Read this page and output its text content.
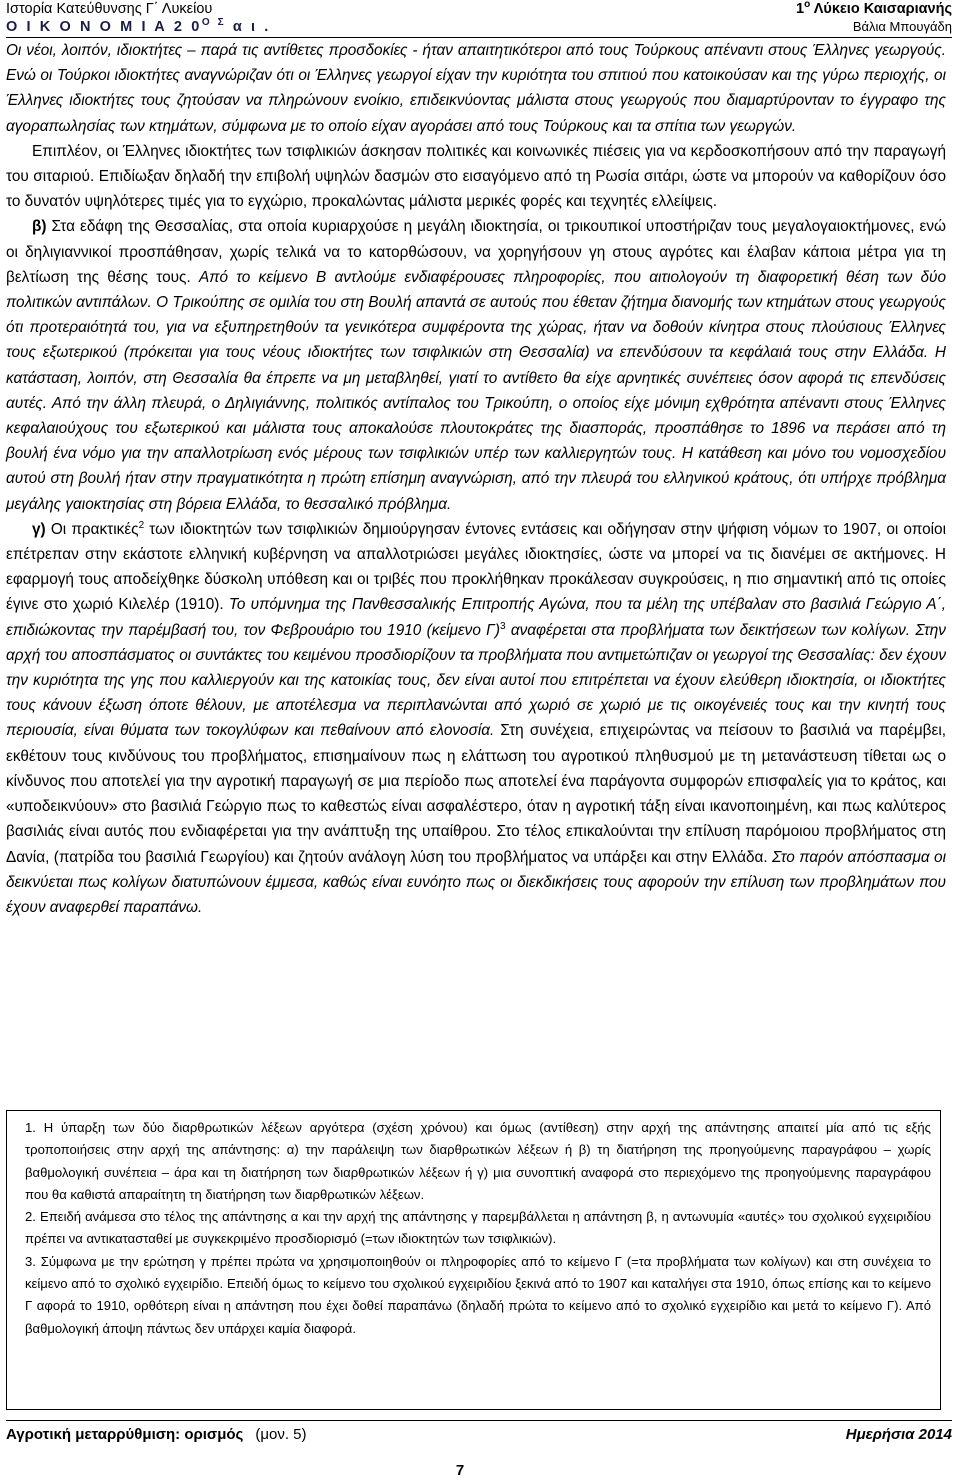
Ιστορία Κατεύθυνσης Γ΄ Λυκείου	$1^o$ Λύκειο Καισαριανής
Ο Ι Κ Ο Ν Ο Μ Ι Α 2 $0^{O \Sigma}$ α ι .	Βάλια Μπουγάδη

Οι νέοι, λοιπόν, ιδιοκτήτες – παρά τις αντίθετες προσδοκίες - ήταν απαιτητικότεροι από τους Τούρκους απέναντι στους Έλληνες γεωργούς. Ενώ οι Τούρκοι ιδιοκτήτες αναγνώριζαν ότι οι Έλληνες γεωργοί είχαν την κυριότητα του σπιτιού που κατοικούσαν και της γύρω περιοχής, οι Έλληνες ιδιοκτήτες τους ζητούσαν να πληρώνουν ενοίκιο, επιδεικνύοντας μάλιστα στους γεωργούς που διαμαρτύρονταν το έγγραφο της αγοραπωλησίας των κτημάτων, σύμφωνα με το οποίο είχαν αγοράσει από τους Τούρκους και τα σπίτια των γεωργών.

Επιπλέον, οι Έλληνες ιδιοκτήτες των τσιφλικιών άσκησαν πολιτικές και κοινωνικές πιέσεις για να κερδοσκοπήσουν από την παραγωγή του σιταριού. Επιδίωξαν δηλαδή την επιβολή υψηλών δασμών στο εισαγόμενο από τη Ρωσία σιτάρι, ώστε να μπορούν να καθορίζουν όσο το δυνατόν υψηλότερες τιμές για το εγχώριο, προκαλώντας μάλιστα μερικές φορές και τεχνητές ελλείψεις.

β) Στα εδάφη της Θεσσαλίας, στα οποία κυριαρχούσε η μεγάλη ιδιοκτησία, οι τρικουπικοί υποστήριζαν τους μεγαλογαιοκτήμονες, ενώ οι δηλιγιαννικοί προσπάθησαν, χωρίς τελικά να το κατορθώσουν, να χορηγήσουν γη στους αγρότες και έλαβαν κάποια μέτρα για τη βελτίωση της θέσης τους. Από το κείμενο Β αντλούμε ενδιαφέρουσες πληροφορίες, που αιτιολογούν τη διαφορετική θέση των δύο πολιτικών αντιπάλων. Ο Τρικούπης σε ομιλία του στη Βουλή απαντά σε αυτούς που έθεταν ζήτημα διανομής των κτημάτων στους γεωργούς ότι προτεραιότητά του, για να εξυπηρετηθούν τα γενικότερα συμφέροντα της χώρας, ήταν να δοθούν κίνητρα στους πλούσιους Έλληνες τους εξωτερικού (πρόκειται για τους νέους ιδιοκτήτες των τσιφλικιών στη Θεσσαλία) να επενδύσουν τα κεφάλαιά τους στην Ελλάδα. Η κατάσταση, λοιπόν, στη Θεσσαλία θα έπρεπε να μη μεταβληθεί, γιατί το αντίθετο θα είχε αρνητικές συνέπειες όσον αφορά τις επενδύσεις αυτές. Από την άλλη πλευρά, ο Δηλιγιάννης, πολιτικός αντίπαλος του Τρικούπη, ο οποίος είχε μόνιμη εχθρότητα απέναντι στους Έλληνες κεφαλαιούχους του εξωτερικού και μάλιστα τους αποκαλούσε πλουτοκράτες της διασποράς, προσπάθησε το 1896 να περάσει από τη βουλή ένα νόμο για την απαλλοτρίωση ενός μέρους των τσιφλικιών υπέρ των καλλιεργητών τους. Η κατάθεση και μόνο του νομοσχεδίου αυτού στη βουλή ήταν στην πραγματικότητα η πρώτη επίσημη αναγνώριση, από την πλευρά του ελληνικού κράτους, ότι υπήρχε πρόβλημα μεγάλης γαιοκτησίας στη βόρεια Ελλάδα, το θεσσαλικό πρόβλημα.

γ) Οι πρακτικές$^2$ των ιδιοκτητών των τσιφλικιών δημιούργησαν έντονες εντάσεις και οδήγησαν στην ψήφιση νόμων το 1907, οι οποίοι επέτρεπαν στην εκάστοτε ελληνική κυβέρνηση να απαλλοτριώσει μεγάλες ιδιοκτησίες, ώστε να μπορεί να τις διανέμει σε ακτήμονες. Η εφαρμογή τους αποδείχθηκε δύσκολη υπόθεση και οι τριβές που προκλήθηκαν προκάλεσαν συγκρούσεις, η πιο σημαντική από τις οποίες έγινε στο χωριό Κιλελέρ (1910). Το υπόμνημα της Πανθεσσαλικής Επιτροπής Αγώνα, που τα μέλη της υπέβαλαν στο βασιλιά Γεώργιο Α΄, επιδιώκοντας την παρέμβασή του, τον Φεβρουάριο του 1910 (κείμενο Γ)$^3$ αναφέρεται στα προβλήματα των δεικτήσεων των κολίγων. Στην αρχή του αποσπάσματος οι συντάκτες του κειμένου προσδιορίζουν τα προβλήματα που αντιμετώπιζαν οι γεωργοί της Θεσσαλίας: δεν έχουν την κυριότητα της γης που καλλιεργούν και της κατοικίας τους, δεν είναι αυτοί που επιτρέπεται να έχουν ελεύθερη ιδιοκτησία, οι ιδιοκτήτες τους κάνουν έξωση όποτε θέλουν, με αποτέλεσμα να περιπλανώνται από χωριό σε χωριό με τις οικογένειές τους και την κινητή τους περιουσία, είναι θύματα των τοκογλύφων και πεθαίνουν από ελονοσία. Στη συνέχεια, επιχειρώντας να πείσουν το βασιλιά να παρέμβει, εκθέτουν τους κινδύνους του προβλήματος, επισημαίνουν πως η ελάττωση του αγροτικού πληθυσμού με τη μετανάστευση τίθεται ως ο κίνδυνος που αποτελεί για την αγροτική παραγωγή σε μια περίοδο πως αποτελεί ένα παράγοντα συμφορών επισφαλείς για το κράτος, και «υποδεικνύουν» στο βασιλιά Γεώργιο πως το καθεστώς είναι ασφαλέστερο, όταν η αγροτική τάξη είναι ικανοποιημένη, και πως καλύτερος βασιλιάς είναι αυτός που ενδιαφέρεται για την ανάπτυξη της υπαίθρου. Στο τέλος επικαλούνται την επίλυση παρόμοιου προβλήματος στη Δανία, (πατρίδα του βασιλιά Γεωργίου) και ζητούν ανάλογη λύση του προβλήματος να υπάρξει και στην Ελλάδα. Στο παρόν απόσπασμα οι δεικνύεται πως κολίγων διατυπώνουν έμμεσα, καθώς είναι ευνόητο πως οι διεκδικήσεις τους αφορούν την επίλυση των προβλημάτων που έχουν αναφερθεί παραπάνω.

1. Η ύπαρξη των δύο διαρθρωτικών λέξεων αργότερα (σχέση χρόνου) και όμως (αντίθεση) στην αρχή της απάντησης απαιτεί μία από τις εξής τροποποιήσεις στην αρχή της απάντησης: α) την παράλειψη των διαρθρωτικών λέξεων ή β) τη διατήρηση της προηγούμενης παραγράφου – χωρίς βαθμολογική συνέπεια – άρα και τη διατήρηση των διαρθρωτικών λέξεων ή γ) μια συνοπτική αναφορά στο περιεχόμενο της προηγούμενης παραγράφου που θα καθιστά απαραίτητη τη διατήρηση των διαρθρωτικών λέξεων.

2. Επειδή ανάμεσα στο τέλος της απάντησης α και την αρχή της απάντησης γ παρεμβάλλεται η απάντηση β, η αντωνυμία «αυτές» του σχολικού εγχειριδίου πρέπει να αντικατασταθεί με συγκεκριμένο προσδιορισμό (=των ιδιοκτητών των τσιφλικιών).

3. Σύμφωνα με την ερώτηση γ πρέπει πρώτα να χρησιμοποιηθούν οι πληροφορίες από το κείμενο Γ (=τα προβλήματα των κολίγων) και στη συνέχεια το κείμενο από το σχολικό εγχειρίδιο. Επειδή όμως το κείμενο του σχολικού εγχειριδίου ξεκινά από το 1907 και καταλήγει στα 1910, όπως επίσης και το κείμενο Γ αφορά το 1910, ορθότερη είναι η απάντηση που έχει δοθεί παραπάνω (δηλαδή πρώτα το κείμενο από το σχολικό εγχειρίδιο και μετά το κείμενο Γ). Από βαθμολογική άποψη πάντως δεν υπάρχει καμία διαφορά.

Αγροτική μεταρρύθμιση: ορισμός (μον. 5)	Ημερήσια 2014
7
